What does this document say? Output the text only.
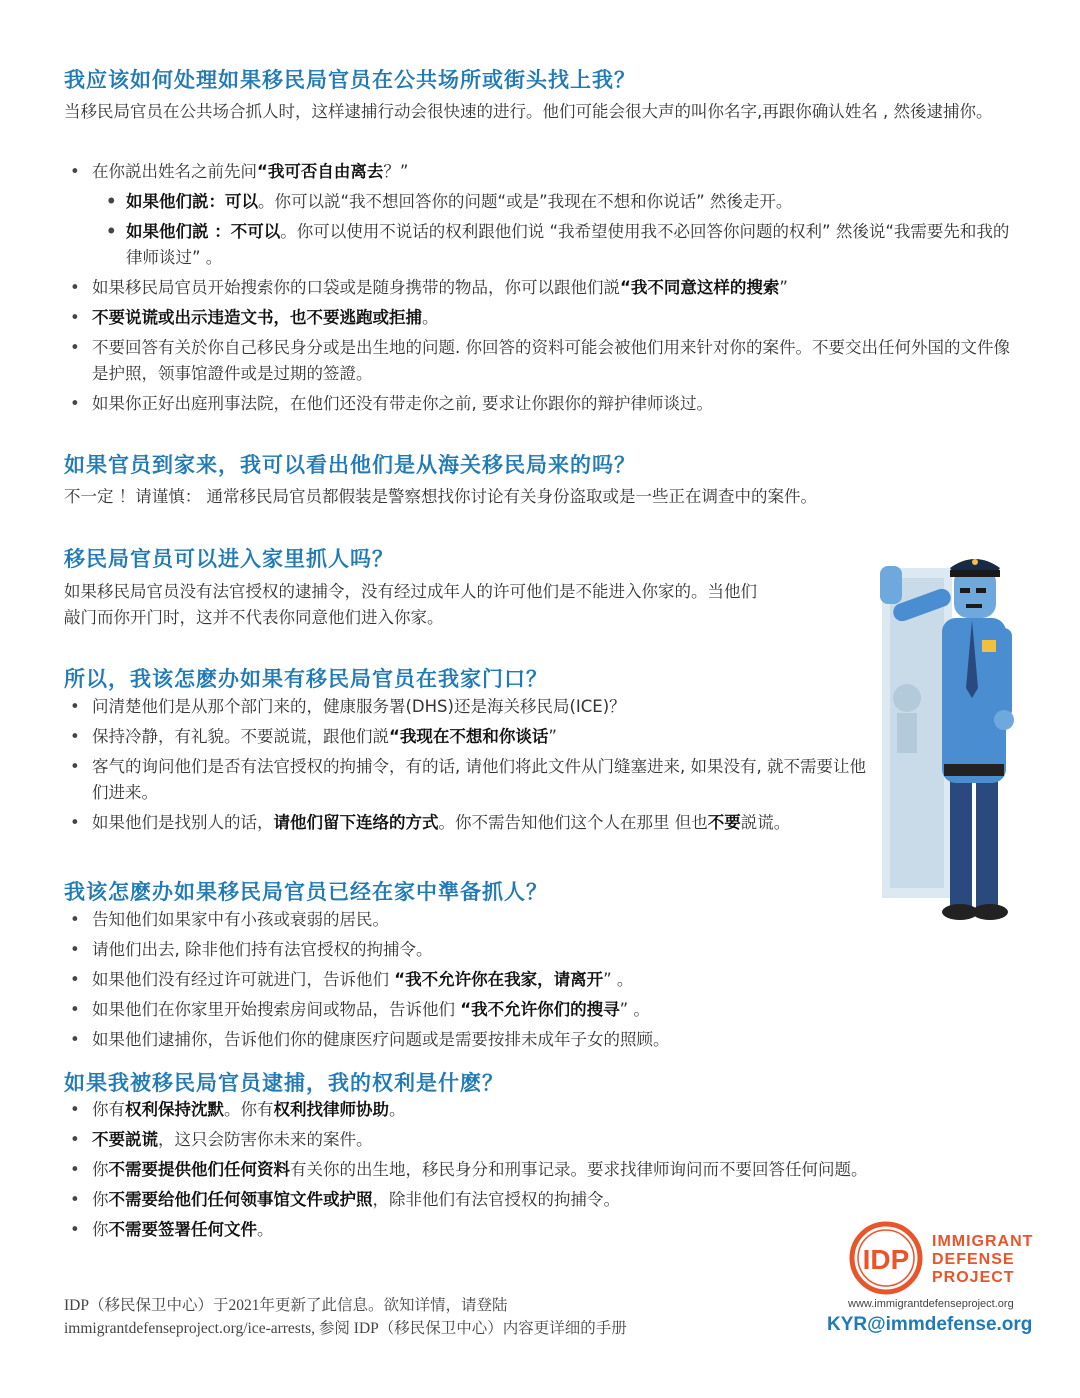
我应该如何处理如果移民局官员在公共场所或街头找上我？

当移民局官员在公共场合抓人时，这样逮捕行动会很快速的进行。他们可能会很大声的叫你名字,再跟你确认姓名 , 然後逮捕你。

• 在你説出姓名之前先问“我可否自由离去？”
• 如果他们説：可以。你可以説“我不想回答你的问题“或是”我现在不想和你说话” 然後走开。
• 如果他们説 ：不可以。你可以使用不说话的权利跟他们说 “我希望使用我不必回答你问题的权利” 然後说“我需要先和我的律师谈过” 。
• 如果移民局官员开始搜索你的口袋或是随身携带的物品，你可以跟他们説“我不同意这样的搜索”
• 不要说谎或出示违造文书，也不要逃跑或拒捕。
• 不要回答有关於你自己移民身分或是出生地的问题. 你回答的资料可能会被他们用来针对你的案件。不要交出任何外国的文件像是护照，领事馆證件或是过期的签證。
• 如果你正好出庭刑事法院，在他们还没有带走你之前, 要求让你跟你的辩护律师谈过。
如果官员到家来，我可以看出他们是从海关移民局来的吗？

不一定 ！请谨慎： 通常移民局官员都假装是警察想找你讨论有关身份盗取或是一些正在调查中的案件。

移民局官员可以进入家里抓人吗？

如果移民局官员没有法官授权的逮捕令，没有经过成年人的许可他们是不能进入你家的。当他们
敲门而你开门时，这并不代表你同意他们进入你家。

所以，我该怎麽办如果有移民局官员在我家门口？
• 问清楚他们是从那个部门来的，健康服务署(DHS)还是海关移民局(ICE)？
• 保持冷静，有礼貌。不要説谎，跟他们説“我现在不想和你谈话”
• 客气的询问他们是否有法官授权的拘捕令，有的话, 请他们将此文件从门缝塞进来, 如果没有, 就不需要让他们进来。
• 如果他们是找别人的话，请他们留下连络的方式。你不需告知他们这个人在那里 但也不要説谎。
我该怎麽办如果移民局官员已经在家中準备抓人？
• 告知他们如果家中有小孩或衰弱的居民。
• 请他们出去, 除非他们持有法官授权的拘捕令。
• 如果他们没有经过许可就进门，告诉他们 “我不允许你在我家，请离开” 。
• 如果他们在你家里开始搜索房间或物品，告诉他们 “我不允许你们的搜寻” 。
• 如果他们逮捕你，告诉他们你的健康医疗问题或是需要按排未成年子女的照顾。
如果我被移民局官员逮捕，我的权利是什麽？
• 你有权利保持沈默。你有权利找律师协助。
• 不要説谎，这只会防害你未来的案件。
• 你不需要提供他们任何资料有关你的出生地，移民身分和刑事记录。要求找律师询问而不要回答任何问题。
• 你不需要给他们任何领事馆文件或护照，除非他们有法官授权的拘捕令。
• 你不需要签署任何文件。

IDP（移民保卫中心）于2021年更新了此信息。欲知详情，请登陆
immigrantdefenseproject.org/ice-arrests, 参阅 IDP（移民保卫中心）内容更详细的手册

IDP
IMMIGRANT
DEFENSE
PROJECT
www.immigrantdefenseproject.org
KYR@immdefense.org
